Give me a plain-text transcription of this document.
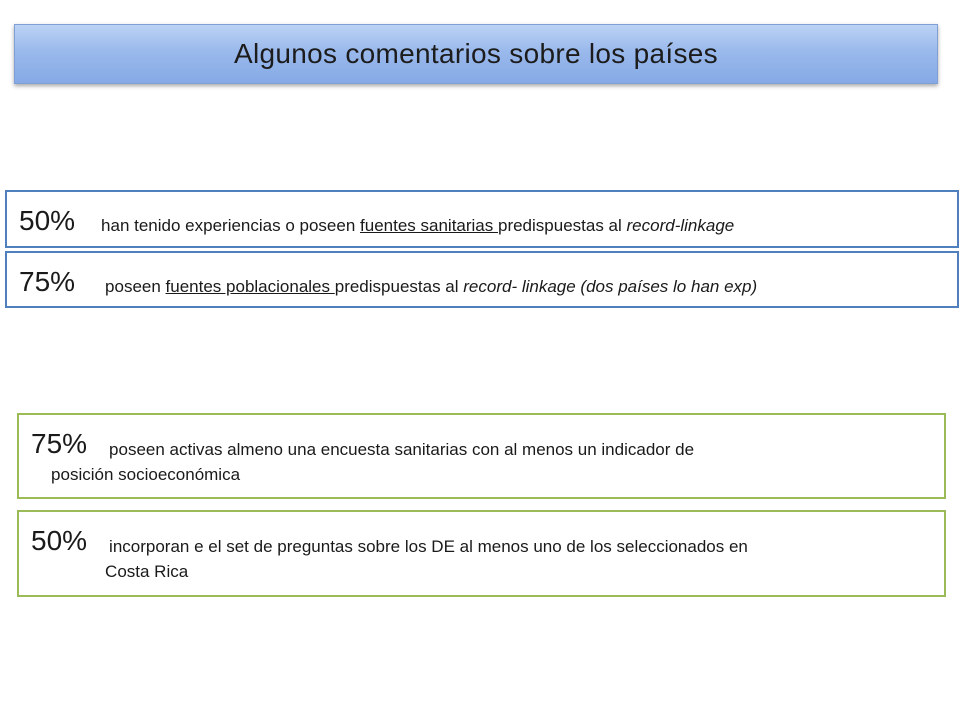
Algunos comentarios sobre los países
50% han tenido experiencias o poseen fuentes sanitarias predispuestas al record-linkage
75% poseen fuentes poblacionales predispuestas al record- linkage (dos países lo han exp)
75% poseen activas almeno una encuesta sanitarias con al menos un indicador de
posición socioeconómica
50% incorporan e el set de preguntas sobre los DE al menos uno de los seleccionados en
Costa Rica
